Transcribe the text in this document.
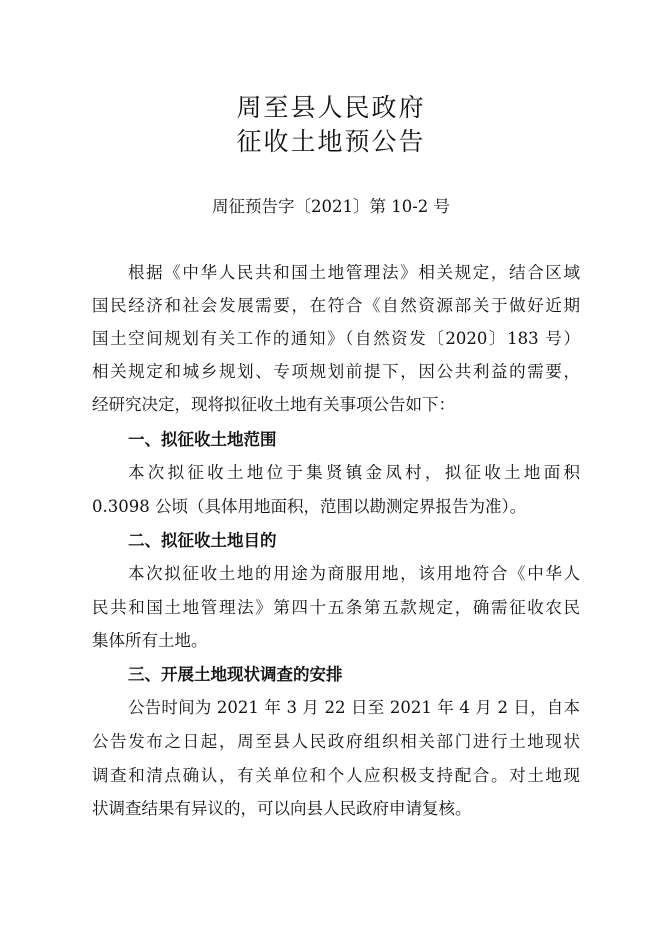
周至县人民政府
征收土地预公告
周征预告字〔2021〕第 10-2 号
根据《中华人民共和国土地管理法》相关规定，结合区域
国民经济和社会发展需要，在符合《自然资源部关于做好近期
国土空间规划有关工作的通知》（自然资发〔2020〕183 号）
相关规定和城乡规划、专项规划前提下，因公共利益的需要，
经研究决定，现将拟征收土地有关事项公告如下：
一、拟征收土地范围
本次拟征收土地位于集贤镇金凤村，拟征收土地面积
0.3098 公顷（具体用地面积，范围以勘测定界报告为准）。
二、拟征收土地目的
本次拟征收土地的用途为商服用地，该用地符合《中华人
民共和国土地管理法》第四十五条第五款规定，确需征收农民
集体所有土地。
三、开展土地现状调查的安排
公告时间为 2021 年 3 月 22 日至 2021 年 4 月 2 日，自本
公告发布之日起，周至县人民政府组织相关部门进行土地现状
调查和清点确认，有关单位和个人应积极支持配合。对土地现
状调查结果有异议的，可以向县人民政府申请复核。
